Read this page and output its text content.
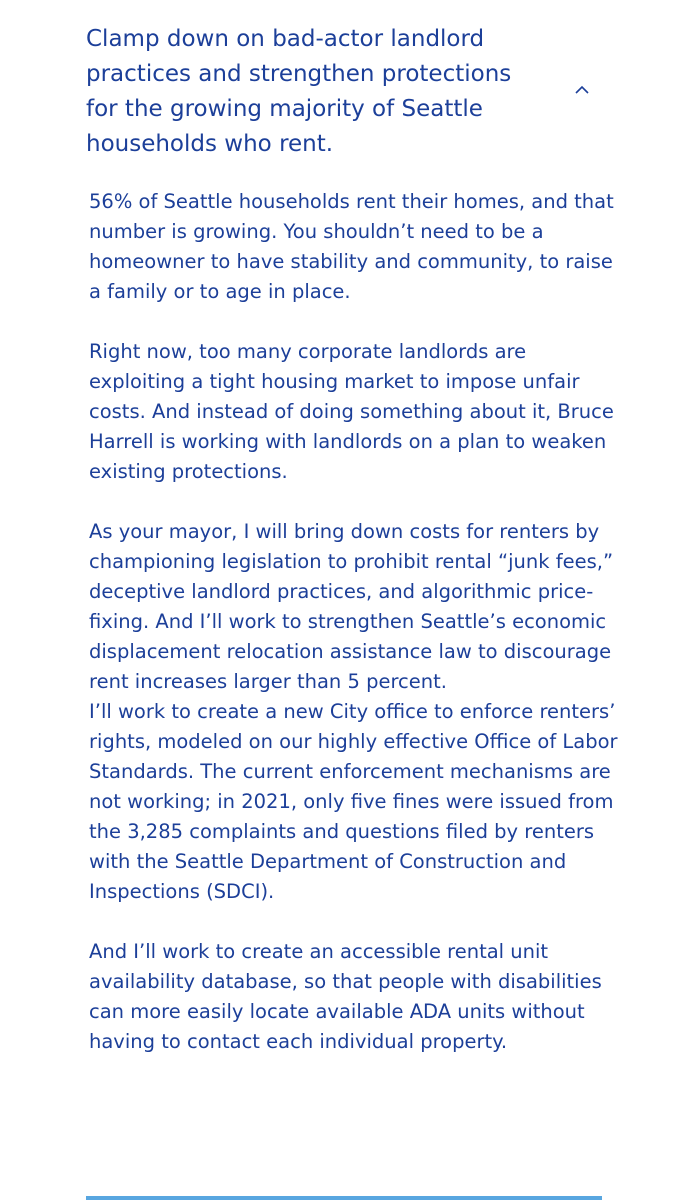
Clamp down on bad-actor landlord practices and strengthen protections for the growing majority of Seattle households who rent.

56% of Seattle households rent their homes, and that number is growing. You shouldn’t need to be a homeowner to have stability and community, to raise a family or to age in place.

Right now, too many corporate landlords are exploiting a tight housing market to impose unfair costs. And instead of doing something about it, Bruce Harrell is working with landlords on a plan to weaken existing protections.

As your mayor, I will bring down costs for renters by championing legislation to prohibit rental “junk fees,” deceptive landlord practices, and algorithmic price-fixing. And I’ll work to strengthen Seattle’s economic displacement relocation assistance law to discourage rent increases larger than 5 percent.

I’ll work to create a new City office to enforce renters’ rights, modeled on our highly effective Office of Labor Standards. The current enforcement mechanisms are not working; in 2021, only five fines were issued from the 3,285 complaints and questions filed by renters with the Seattle Department of Construction and Inspections (SDCI).

And I’ll work to create an accessible rental unit availability database, so that people with disabilities can more easily locate available ADA units without having to contact each individual property.
